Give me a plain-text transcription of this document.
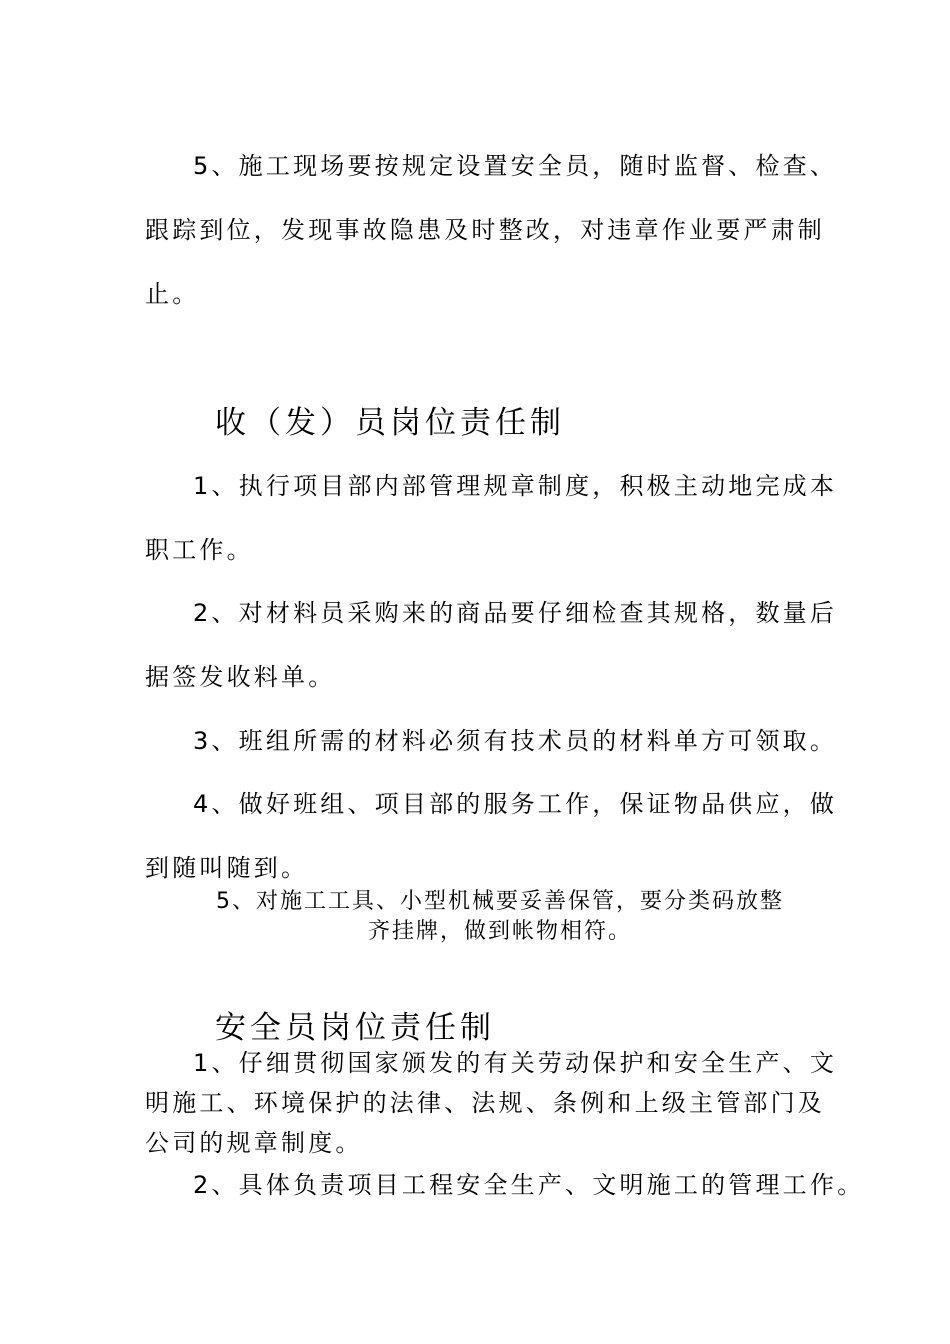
5、施工现场要按规定设置安全员，随时监督、检查、
跟踪到位，发现事故隐患及时整改，对违章作业要严肃制
止。
收（发）员岗位责任制
1、执行项目部内部管理规章制度，积极主动地完成本
职工作。
2、对材料员采购来的商品要仔细检查其规格，数量后
据签发收料单。
3、班组所需的材料必须有技术员的材料单方可领取。
4、做好班组、项目部的服务工作，保证物品供应，做
到随叫随到。
5、对施工工具、小型机械要妥善保管，要分类码放整
齐挂牌，做到帐物相符。
安全员岗位责任制
1、仔细贯彻国家颁发的有关劳动保护和安全生产、文
明施工、环境保护的法律、法规、条例和上级主管部门及
公司的规章制度。
2、具体负责项目工程安全生产、文明施工的管理工作。
